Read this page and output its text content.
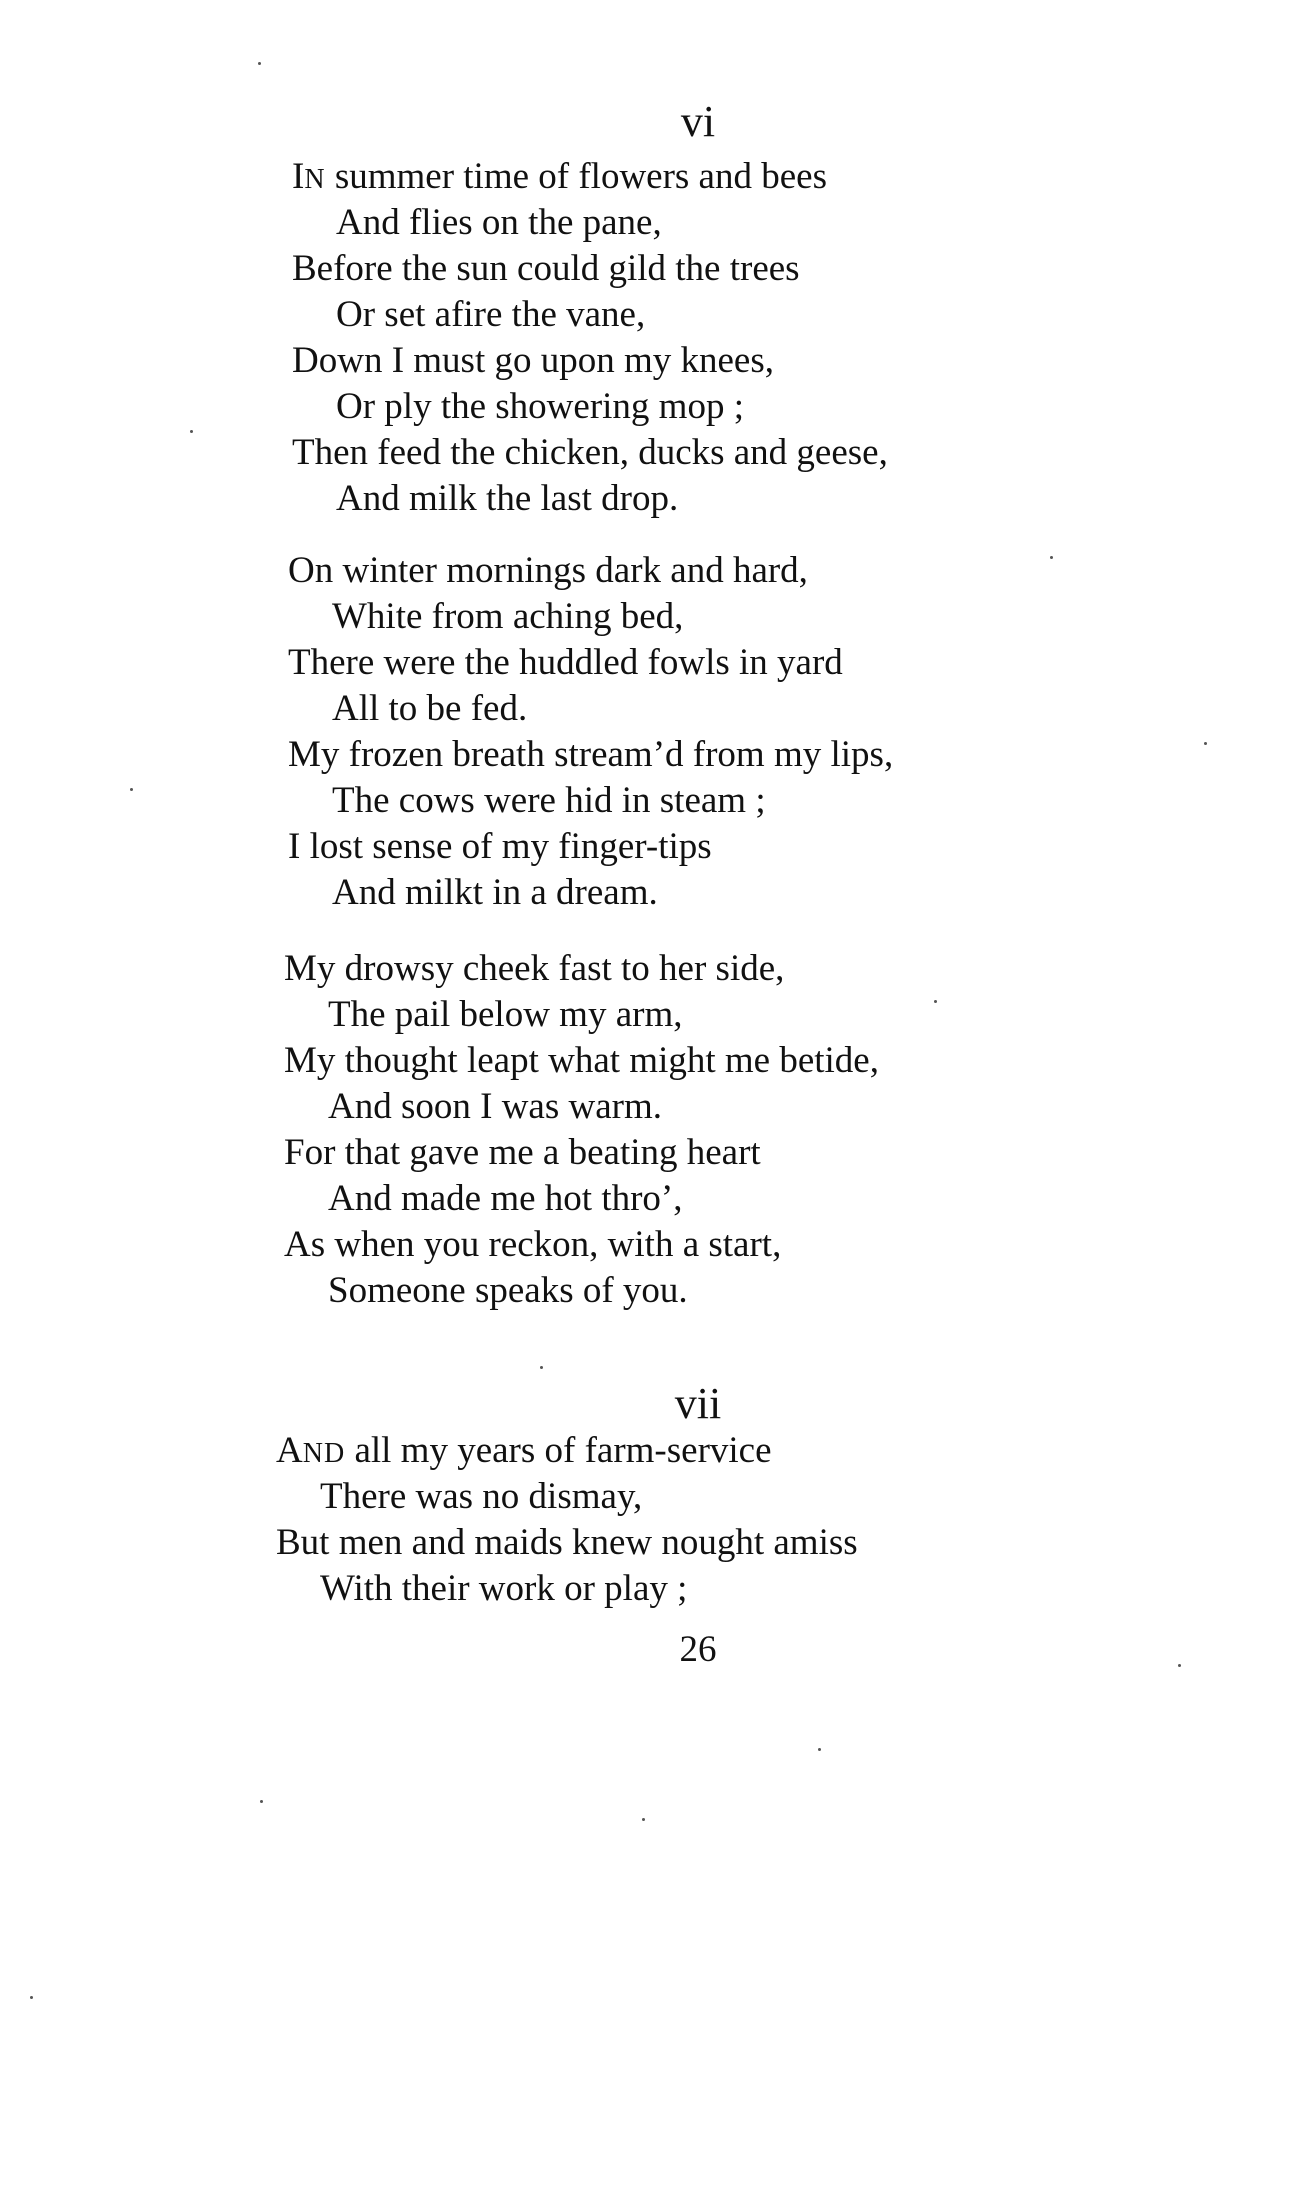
vi
IN summer time of flowers and bees
And flies on the pane,
Before the sun could gild the trees
Or set afire the vane,
Down I must go upon my knees,
Or ply the showering mop ;
Then feed the chicken, ducks and geese,
And milk the last drop.
On winter mornings dark and hard,
White from aching bed,
There were the huddled fowls in yard
All to be fed.
My frozen breath stream’d from my lips,
The cows were hid in steam ;
I lost sense of my finger-tips
And milkt in a dream.
My drowsy cheek fast to her side,
The pail below my arm,
My thought leapt what might me betide,
And soon I was warm.
For that gave me a beating heart
And made me hot thro’,
As when you reckon, with a start,
Someone speaks of you.
vii
AND all my years of farm-service
There was no dismay,
But men and maids knew nought amiss
With their work or play ;
26
